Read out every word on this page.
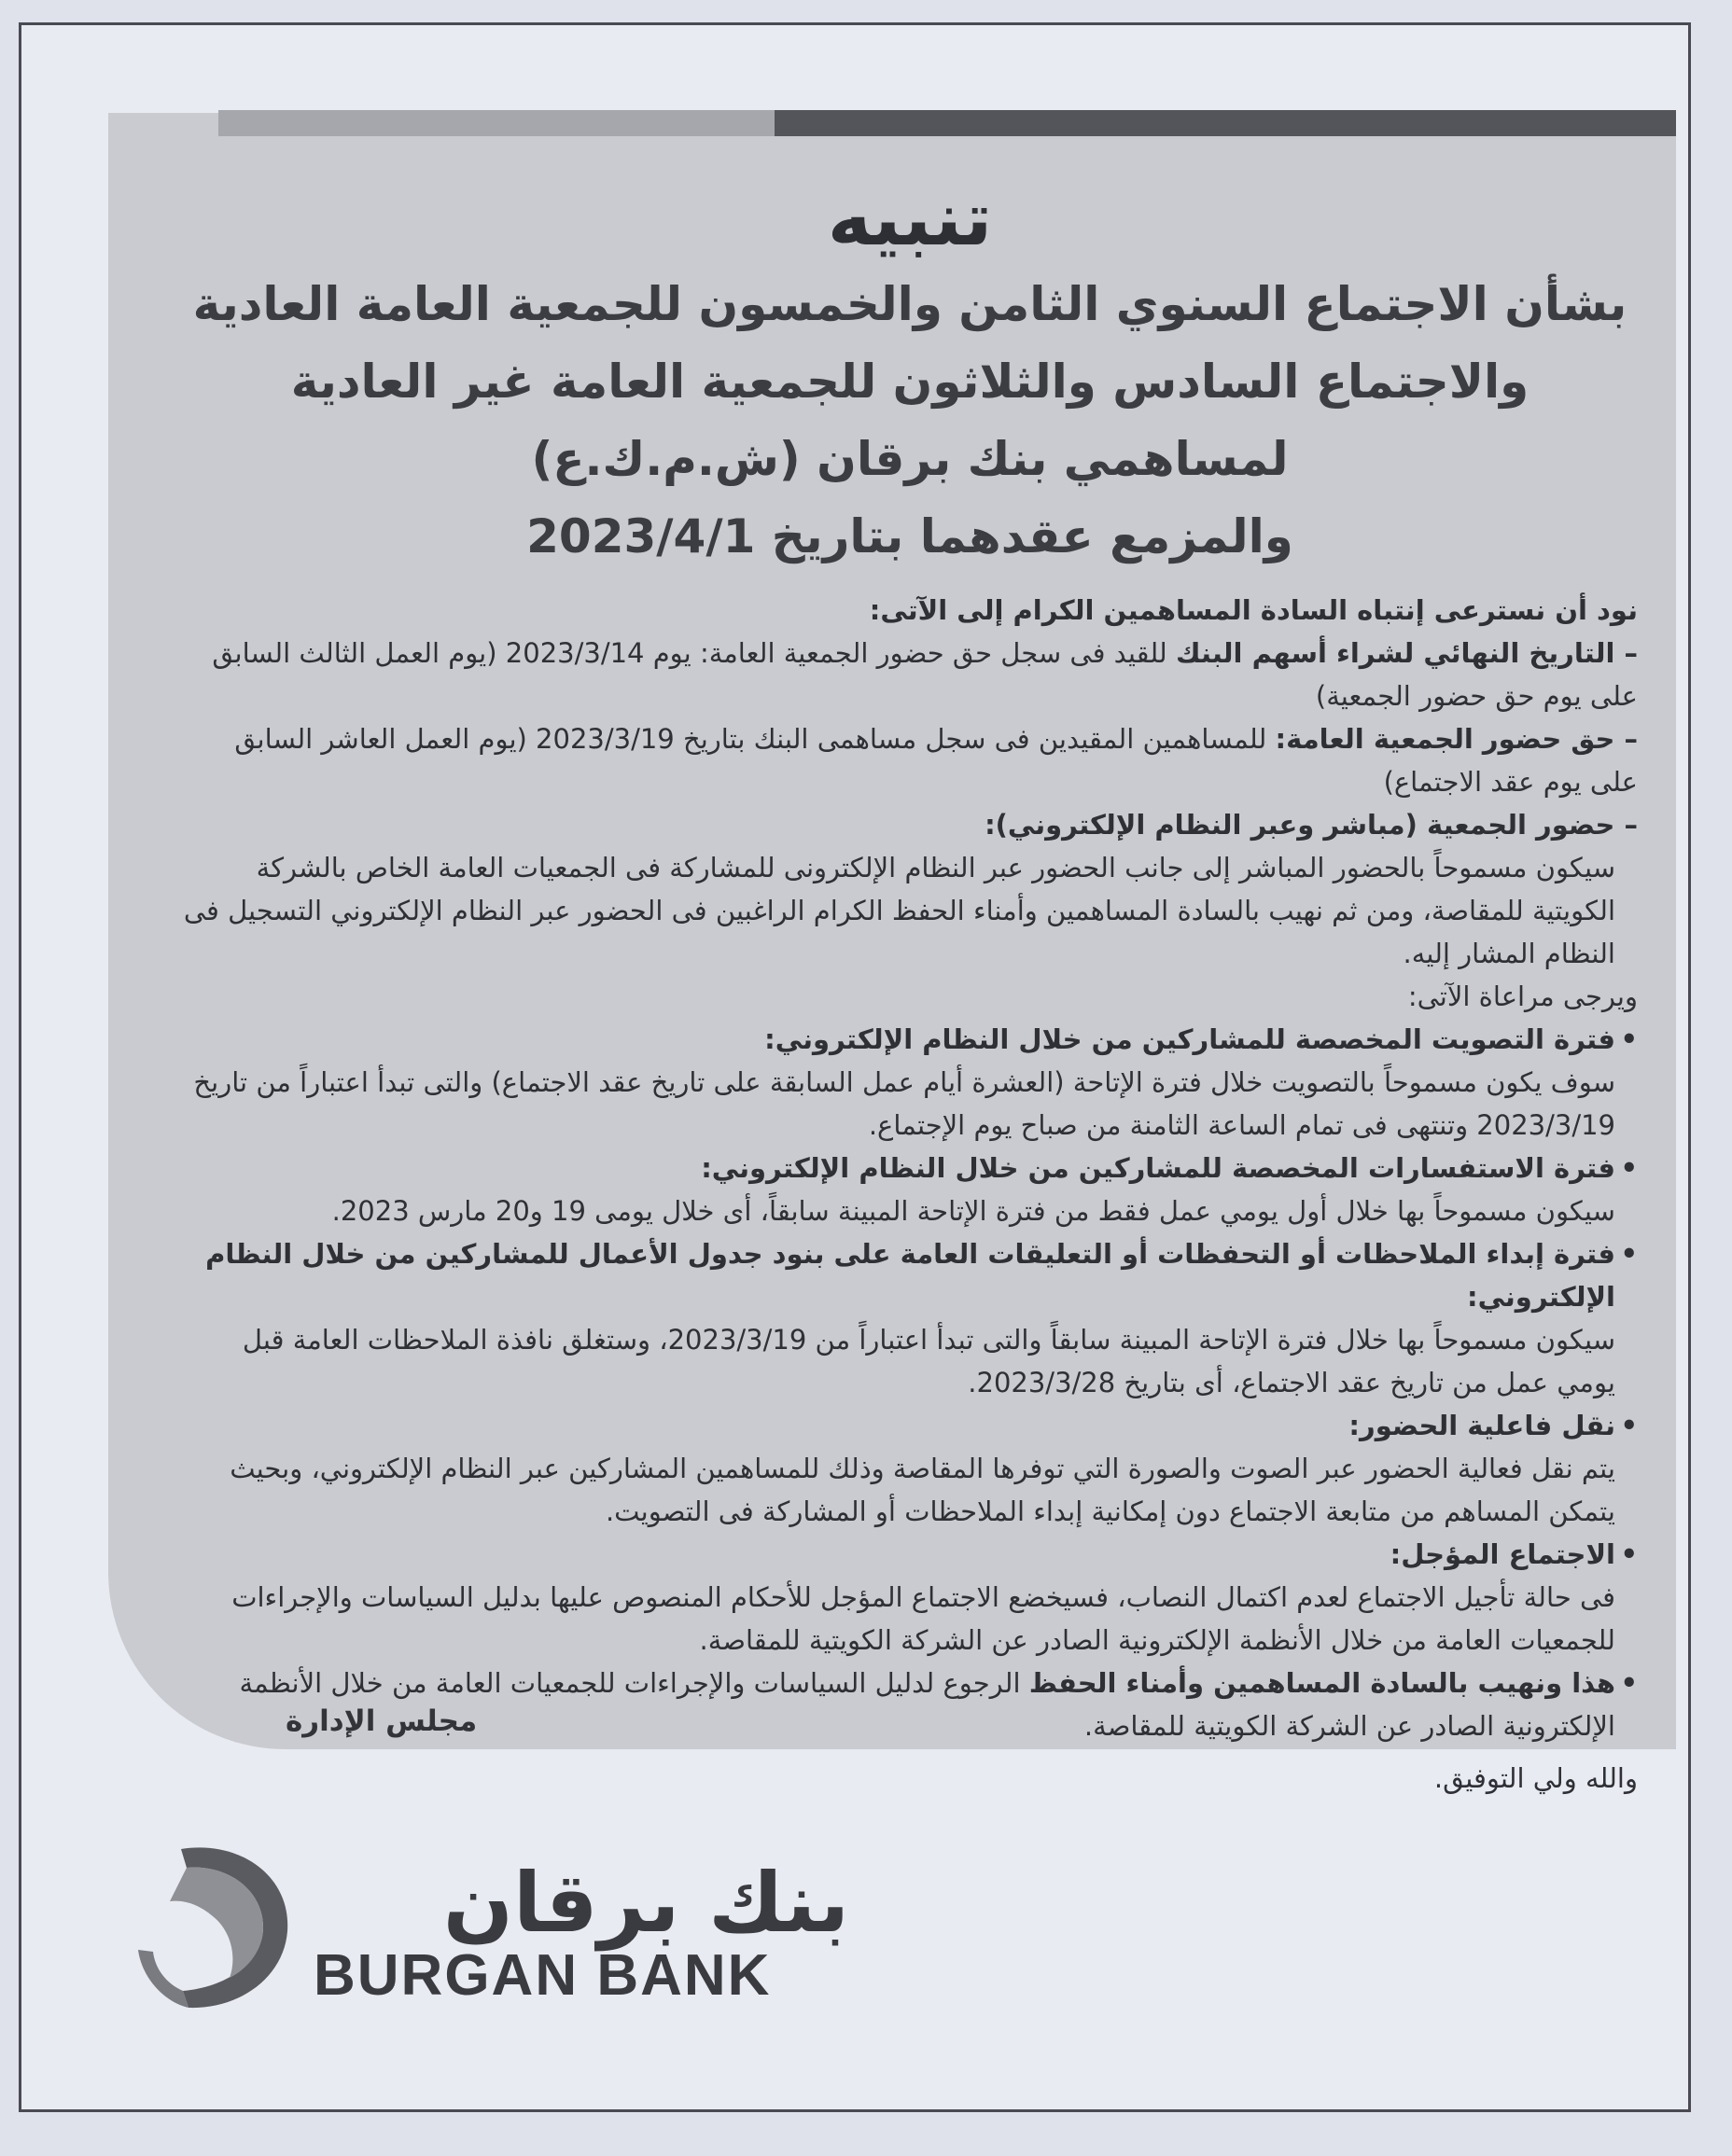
تنبيه

بشأن الاجتماع السنوي الثامن والخمسون للجمعية العامة العادية

والاجتماع السادس والثلاثون للجمعية العامة غير العادية

لمساهمي بنك برقان (ش.م.ك.ع)

والمزمع عقدهما بتاريخ 2023/4/1

نود أن نسترعى إنتباه السادة المساهمين الكرام إلى الآتى:

– التاريخ النهائي لشراء أسهم البنك للقيد فى سجل حق حضور الجمعية العامة: يوم 2023/3/14 (يوم العمل الثالث السابق على يوم حق حضور الجمعية)

– حق حضور الجمعية العامة: للمساهمين المقيدين فى سجل مساهمى البنك بتاريخ 2023/3/19 (يوم العمل العاشر السابق على يوم عقد الاجتماع)

– حضور الجمعية (مباشر وعبر النظام الإلكتروني):

سيكون مسموحاً بالحضور المباشر إلى جانب الحضور عبر النظام الإلكترونى للمشاركة فى الجمعيات العامة الخاص بالشركة الكويتية للمقاصة، ومن ثم نهيب بالسادة المساهمين وأمناء الحفظ الكرام الراغبين فى الحضور عبر النظام الإلكتروني التسجيل فى النظام المشار إليه.

ويرجى مراعاة الآتى:

•

فترة التصويت المخصصة للمشاركين من خلال النظام الإلكتروني:

سوف يكون مسموحاً بالتصويت خلال فترة الإتاحة (العشرة أيام عمل السابقة على تاريخ عقد الاجتماع) والتى تبدأ اعتباراً من تاريخ 2023/3/19 وتنتهى فى تمام الساعة الثامنة من صباح يوم الإجتماع.

•

فترة الاستفسارات المخصصة للمشاركين من خلال النظام الإلكتروني:

سيكون مسموحاً بها خلال أول يومي عمل فقط من فترة الإتاحة المبينة سابقاً، أى خلال يومى 19 و20 مارس 2023.

•

فترة إبداء الملاحظات أو التحفظات أو التعليقات العامة على بنود جدول الأعمال للمشاركين من خلال النظام الإلكتروني:

سيكون مسموحاً بها خلال فترة الإتاحة المبينة سابقاً والتى تبدأ اعتباراً من 2023/3/19، وستغلق نافذة الملاحظات العامة قبل يومي عمل من تاريخ عقد الاجتماع، أى بتاريخ 2023/3/28.

•

نقل فاعلية الحضور:

يتم نقل فعالية الحضور عبر الصوت والصورة التي توفرها المقاصة وذلك للمساهمين المشاركين عبر النظام الإلكتروني، وبحيث يتمكن المساهم من متابعة الاجتماع دون إمكانية إبداء الملاحظات أو المشاركة فى التصويت.

•

الاجتماع المؤجل:

فى حالة تأجيل الاجتماع لعدم اكتمال النصاب، فسيخضع الاجتماع المؤجل للأحكام المنصوص عليها بدليل السياسات والإجراءات للجمعيات العامة من خلال الأنظمة الإلكترونية الصادر عن الشركة الكويتية للمقاصة.

•

هذا ونهيب بالسادة المساهمين وأمناء الحفظ الرجوع لدليل السياسات والإجراءات للجمعيات العامة من خلال الأنظمة الإلكترونية الصادر عن الشركة الكويتية للمقاصة.

والله ولي التوفيق.

مجلس الإدارة
بنك برقان
BURGAN BANK
